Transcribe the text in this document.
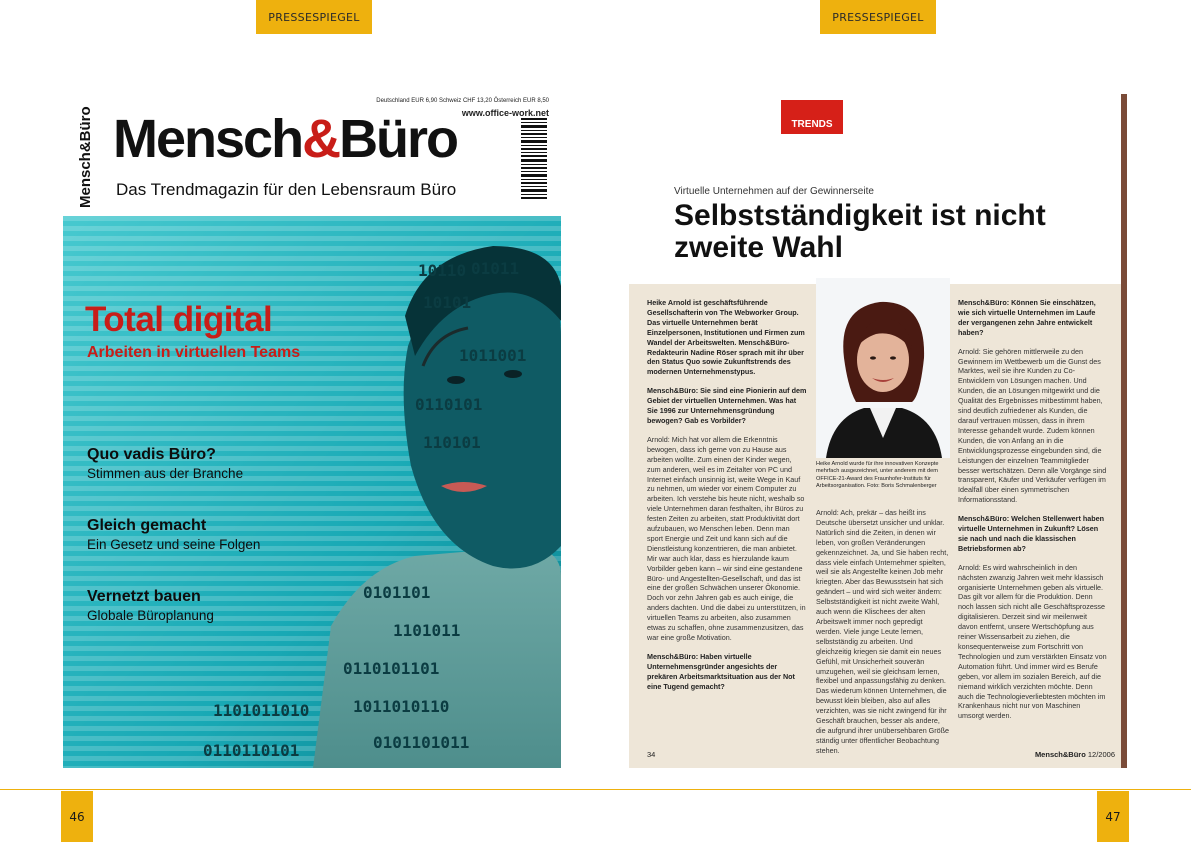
PRESSESPIEGEL	PRESSESPIEGEL
Mensch&Büro
Deutschland EUR 6,90 Schweiz CHF 13,20 Österreich EUR 8,50
www.office-work.net
Mensch&Büro
Das Trendmagazin für den Lebensraum Büro
10110 01011
10101
1011001
0110101
110101
0101101
1101011
0110101101
1011010110
0101101011
1101011010
0110110101
Total digital
Arbeiten in virtuellen Teams
Quo vadis Büro?
Stimmen aus der Branche
Gleich gemacht
Ein Gesetz und seine Folgen
Vernetzt bauen
Globale Büroplanung
TRENDS
Virtuelle Unternehmen auf der Gewinnerseite
Selbstständigkeit ist nicht zweite Wahl
Heike Arnold wurde für ihre innovativen Konzepte mehrfach ausgezeichnet, unter anderem mit dem OFFICE-21-Award des Fraunhofer-Instituts für Arbeitsorganisation. Foto: Boris Schmalenberger

Heike Arnold ist geschäftsführende Gesellschafterin von The Webworker Group. Das virtuelle Unternehmen berät Einzelpersonen, Institutionen und Firmen zum Wandel der Arbeitswelten. Mensch&Büro-Redakteurin Nadine Röser sprach mit ihr über den Status Quo sowie Zukunftstrends des modernen Unternehmenstypus.

Mensch&Büro: Sie sind eine Pionierin auf dem Gebiet der virtuellen Unternehmen. Was hat Sie 1996 zur Unternehmensgründung bewogen? Gab es Vorbilder?

Arnold: Mich hat vor allem die Erkenntnis bewogen, dass ich gerne von zu Hause aus arbeiten wollte. Zum einen der Kinder wegen, zum anderen, weil es im Zeitalter von PC und Internet einfach unsinnig ist, weite Wege in Kauf zu nehmen, um wieder vor einem Computer zu arbeiten. Ich verstehe bis heute nicht, weshalb so viele Unternehmen daran festhalten, ihr Büros zu festen Zeiten zu arbeiten, statt Produktivität dort aufzubauen, wo Menschen leben. Denn man sport Energie und Zeit und kann sich auf die Dienstleistung konzentrieren, die man anbietet. Mir war auch klar, dass es hierzulande kaum Vorbilder geben kann – wir sind eine gestandene Büro- und Angestellten-Gesellschaft, und das ist eine der großen Schwächen unserer Ökonomie. Doch vor zehn Jahren gab es auch einige, die anders dachten. Und die dabei zu unterstützen, in virtuellen Teams zu arbeiten, also zusammen etwas zu schaffen, ohne zusammenzusitzen, das war eine große Motivation.

Mensch&Büro: Haben virtuelle Unternehmensgründer angesichts der prekären Arbeitsmarktsituation aus der Not eine Tugend gemacht?

Arnold: Ach, prekär – das heißt ins Deutsche übersetzt unsicher und unklar. Natürlich sind die Zeiten, in denen wir leben, von großen Veränderungen gekennzeichnet. Ja, und Sie haben recht, dass viele einfach Unternehmer spielten, weil sie als Angestellte keinen Job mehr kriegten. Aber das Bewusstsein hat sich geändert – und wird sich weiter ändern: Selbstständigkeit ist nicht zweite Wahl, auch wenn die Klischees der alten Arbeitswelt immer noch gepredigt werden. Viele junge Leute lernen, selbstständig zu arbeiten. Und gleichzeitig kriegen sie damit ein neues Gefühl, mit Unsicherheit souverän umzugehen, weil sie gleichsam lernen, flexibel und anpassungsfähig zu denken. Das wiederum können Unternehmen, die bewusst klein bleiben, also auf alles verzichten, was sie nicht zwingend für ihr Geschäft brauchen, besser als andere, die aufgrund ihrer unübersehbaren Größe ständig unter öffentlicher Beobachtung stehen.

Mensch&Büro: Können Sie einschätzen, wie sich virtuelle Unternehmen im Laufe der vergangenen zehn Jahre entwickelt haben?

Arnold: Sie gehören mittlerweile zu den Gewinnern im Wettbewerb um die Gunst des Marktes, weil sie ihre Kunden zu Co-Entwicklern von Lösungen machen. Und Kunden, die an Lösungen mitgewirkt und die Qualität des Ergebnisses mitbestimmt haben, sind deutlich zufriedener als Kunden, die darauf vertrauen müssen, dass in ihrem Interesse gehandelt wurde. Zudem können Kunden, die von Anfang an in die Entwicklungsprozesse eingebunden sind, die Leistungen der einzelnen Teammitglieder besser wertschätzen. Denn alle Vorgänge sind transparent, Käufer und Verkäufer verfügen im Idealfall über einen symmetrischen Informationsstand.

Mensch&Büro: Welchen Stellenwert haben virtuelle Unternehmen in Zukunft? Lösen sie nach und nach die klassischen Betriebsformen ab?

Arnold: Es wird wahrscheinlich in den nächsten zwanzig Jahren weit mehr klassisch organisierte Unternehmen geben als virtuelle. Das gilt vor allem für die Produktion. Denn noch lassen sich nicht alle Geschäftsprozesse digitalisieren. Derzeit sind wir meilenweit davon entfernt, unsere Wertschöpfung aus reiner Wissensarbeit zu ziehen, die konsequenterweise zum Fortschritt von Technologien und zum verstärkten Einsatz von Automation führt. Und immer wird es Berufe geben, vor allem im sozialen Bereich, auf die niemand wirklich verzichten möchte. Denn auch die Technologieverliebtesten möchten im Krankenhaus nicht nur von Maschinen umsorgt werden.

34	Mensch&Büro 12/2006
46	47
